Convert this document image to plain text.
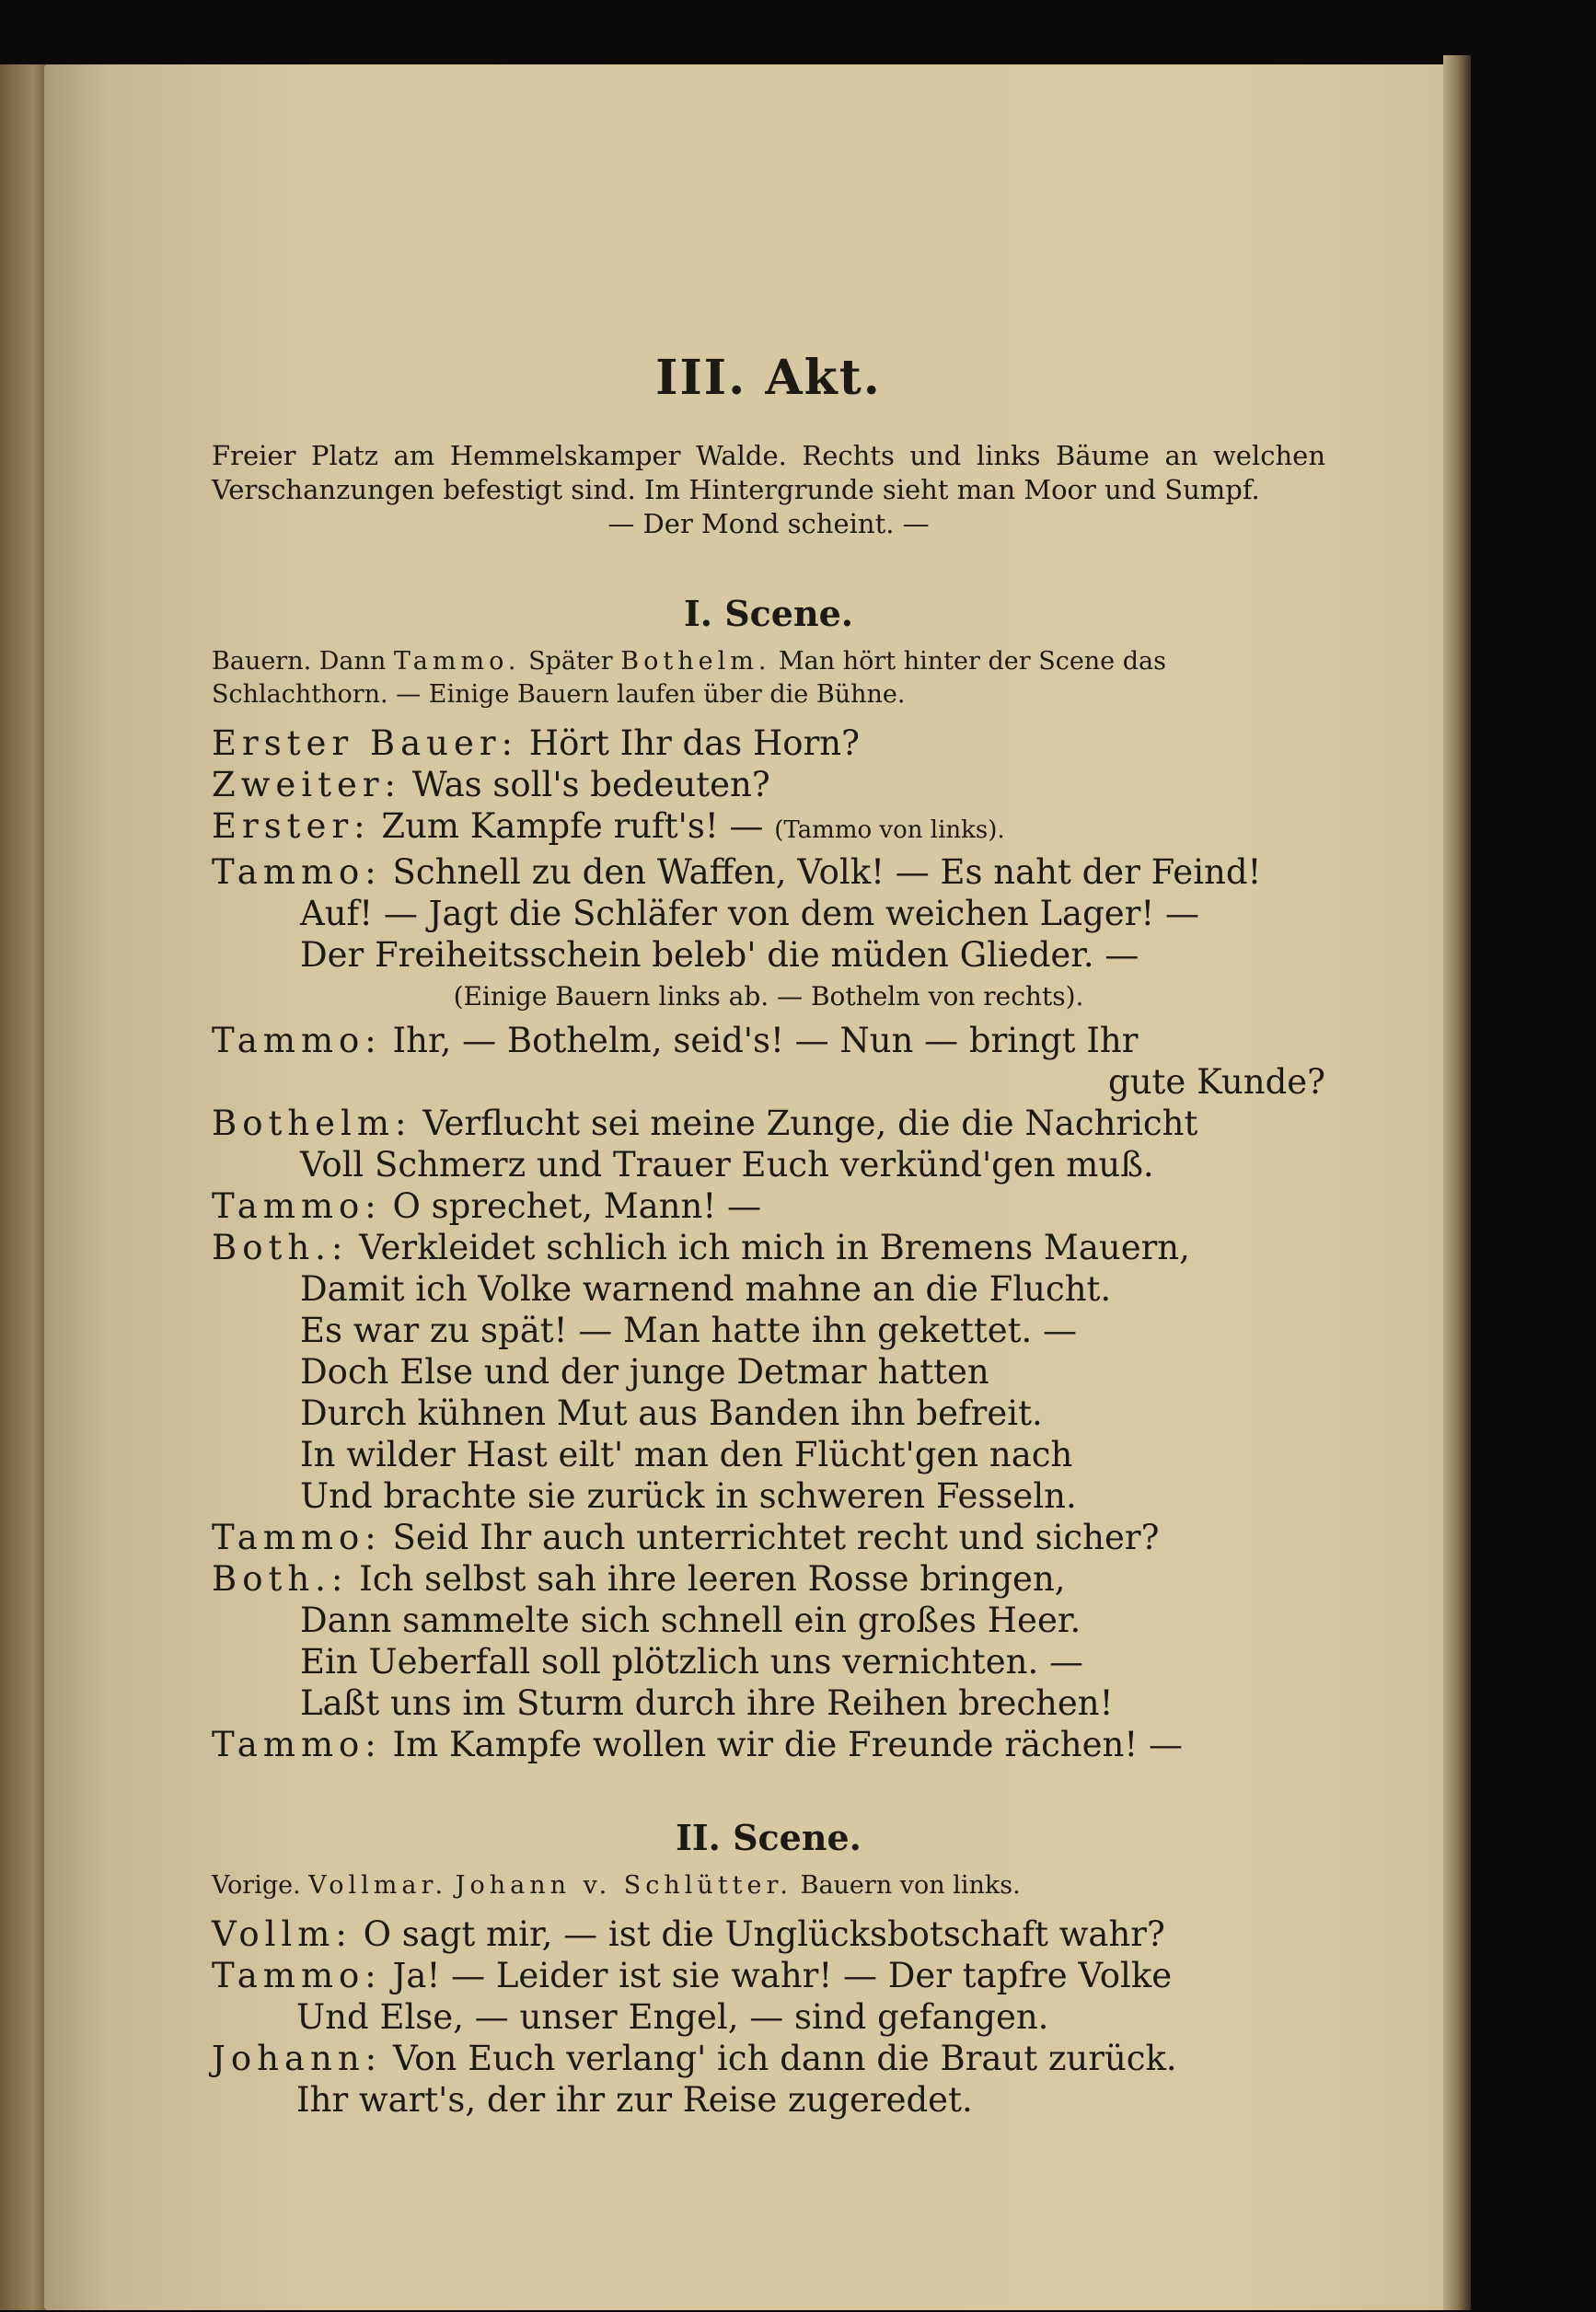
III. Akt.

Freier Platz am Hemmelskamper Walde. Rechts und links Bäume an welchen Verschanzungen befestigt sind. Im Hintergrunde sieht man Moor und Sumpf.

— Der Mond scheint. —

I. Scene.

Bauern. Dann Tammo. Später Bothelm. Man hört hinter der Scene das Schlachthorn. — Einige Bauern laufen über die Bühne.

Erster Bauer: Hört Ihr das Horn?

Zweiter: Was soll's bedeuten?

Erster: Zum Kampfe ruft's! — (Tammo von links).

Tammo: Schnell zu den Waffen, Volk! — Es naht der Feind!

Auf! — Jagt die Schläfer von dem weichen Lager! —

Der Freiheitsschein beleb' die müden Glieder. —

(Einige Bauern links ab. — Bothelm von rechts).

Tammo: Ihr, — Bothelm, seid's! — Nun — bringt Ihr

gute Kunde?

Bothelm: Verflucht sei meine Zunge, die die Nachricht

Voll Schmerz und Trauer Euch verkünd'gen muß.

Tammo: O sprechet, Mann! —

Both.: Verkleidet schlich ich mich in Bremens Mauern,

Damit ich Volke warnend mahne an die Flucht.

Es war zu spät! — Man hatte ihn gekettet. —

Doch Else und der junge Detmar hatten

Durch kühnen Mut aus Banden ihn befreit.

In wilder Hast eilt' man den Flücht'gen nach

Und brachte sie zurück in schweren Fesseln.

Tammo: Seid Ihr auch unterrichtet recht und sicher?

Both.: Ich selbst sah ihre leeren Rosse bringen,

Dann sammelte sich schnell ein großes Heer.

Ein Ueberfall soll plötzlich uns vernichten. —

Laßt uns im Sturm durch ihre Reihen brechen!

Tammo: Im Kampfe wollen wir die Freunde rächen! —

II. Scene.

Vorige. Vollmar. Johann v. Schlütter. Bauern von links.

Vollm: O sagt mir, — ist die Unglücksbotschaft wahr?

Tammo: Ja! — Leider ist sie wahr! — Der tapfre Volke

Und Else, — unser Engel, — sind gefangen.

Johann: Von Euch verlang' ich dann die Braut zurück.

Ihr wart's, der ihr zur Reise zugeredet.
